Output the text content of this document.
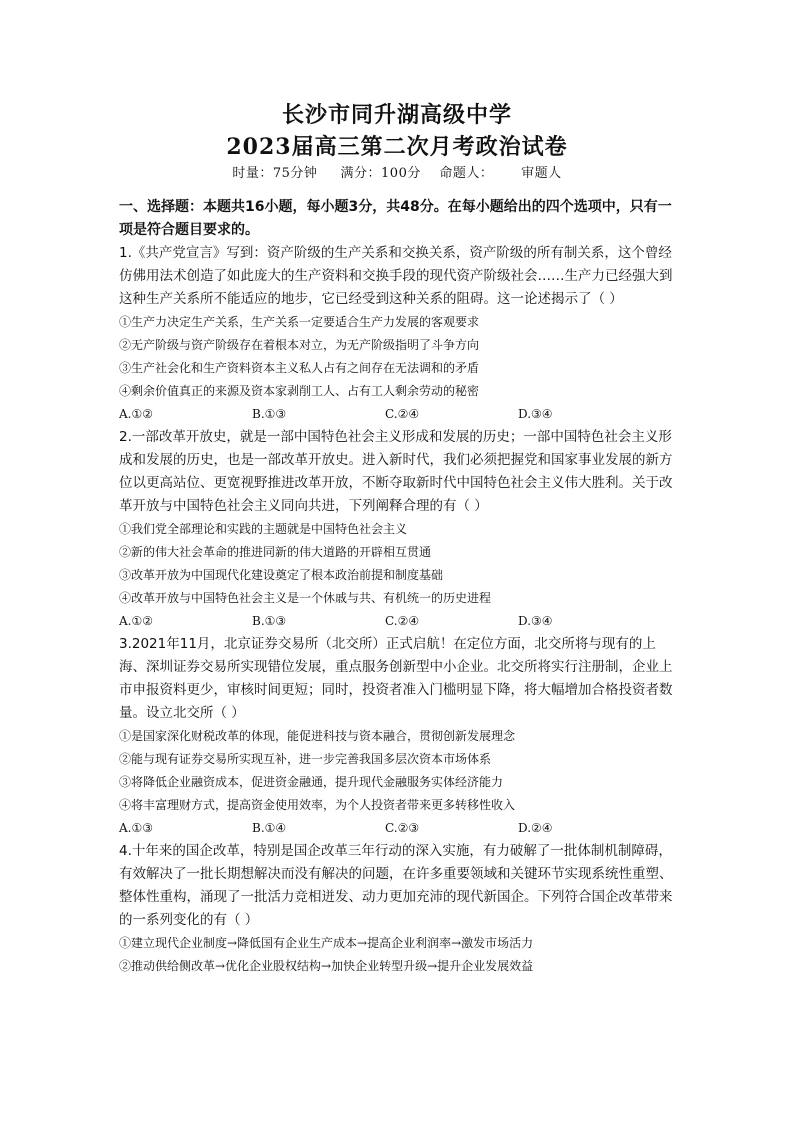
长沙市同升湖高级中学
2023届高三第二次月考政治试卷
时量：75分钟     满分：100分    命题人：      审题人

一、选择题：本题共16小题，每小题3分，共48分。在每小题给出的四个选项中，只有一项是符合题目要求的。

1.《共产党宣言》写到：资产阶级的生产关系和交换关系，资产阶级的所有制关系，这个曾经仿佛用法术创造了如此庞大的生产资料和交换手段的现代资产阶级社会……生产力已经强大到这种生产关系所不能适应的地步，它已经受到这种关系的阻碍。这一论述揭示了（ ）

①生产力决定生产关系，生产关系一定要适合生产力发展的客观要求

②无产阶级与资产阶级存在着根本对立，为无产阶级指明了斗争方向

③生产社会化和生产资料资本主义私人占有之间存在无法调和的矛盾

④剩余价值真正的来源及资本家剥削工人、占有工人剩余劳动的秘密

A.①②	B.①③	C.②④	D.③④

2.一部改革开放史，就是一部中国特色社会主义形成和发展的历史；一部中国特色社会主义形成和发展的历史，也是一部改革开放史。进入新时代，我们必须把握党和国家事业发展的新方位以更高站位、更宽视野推进改革开放，不断夺取新时代中国特色社会主义伟大胜利。关于改革开放与中国特色社会主义同向共进，下列阐释合理的有（ ）

①我们党全部理论和实践的主题就是中国特色社会主义

②新的伟大社会革命的推进同新的伟大道路的开辟相互贯通

③改革开放为中国现代化建设奠定了根本政治前提和制度基础

④改革开放与中国特色社会主义是一个休戚与共、有机统一的历史进程

A.①②	B.①③	C.②④	D.③④

3.2021年11月，北京证券交易所（北交所）正式启航！在定位方面，北交所将与现有的上海、深圳证券交易所实现错位发展，重点服务创新型中小企业。北交所将实行注册制，企业上市申报资料更少，审核时间更短；同时，投资者准入门槛明显下降，将大幅增加合格投资者数量。设立北交所（ ）

①是国家深化财税改革的体现，能促进科技与资本融合，贯彻创新发展理念

②能与现有证券交易所实现互补，进一步完善我国多层次资本市场体系

③将降低企业融资成本，促进资金融通，提升现代金融服务实体经济能力

④将丰富理财方式，提高资金使用效率，为个人投资者带来更多转移性收入

A.①③	B.①④	C.②③	D.②④

4.十年来的国企改革，特别是国企改革三年行动的深入实施，有力破解了一批体制机制障碍，有效解决了一批长期想解决而没有解决的问题，在许多重要领域和关键环节实现系统性重塑、整体性重构，涌现了一批活力竞相迸发、动力更加充沛的现代新国企。下列符合国企改革带来的一系列变化的有（ ）

①建立现代企业制度→降低国有企业生产成本→提高企业利润率→激发市场活力

②推动供给侧改革→优化企业股权结构→加快企业转型升级→提升企业发展效益
